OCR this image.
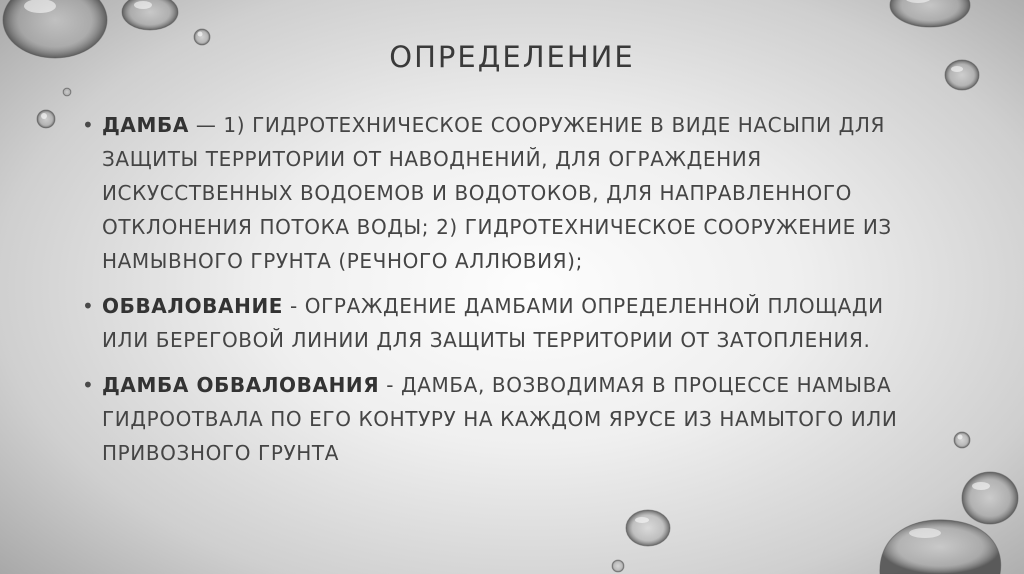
ОПРЕДЕЛЕНИЕ
• ДАМБА — 1) ГИДРОТЕХНИЧЕСКОЕ СООРУЖЕНИЕ В ВИДЕ НАСЫПИ ДЛЯ ЗАЩИТЫ ТЕРРИТОРИИ ОТ НАВОДНЕНИЙ, ДЛЯ ОГРАЖДЕНИЯ ИСКУССТВЕННЫХ ВОДОЕМОВ И ВОДОТОКОВ, ДЛЯ НАПРАВЛЕННОГО ОТКЛОНЕНИЯ ПОТОКА ВОДЫ; 2) ГИДРОТЕХНИЧЕСКОЕ СООРУЖЕНИЕ ИЗ НАМЫВНОГО ГРУНТА (РЕЧНОГО АЛЛЮВИЯ);
• ОБВАЛОВАНИЕ - ОГРАЖДЕНИЕ ДАМБАМИ ОПРЕДЕЛЕННОЙ ПЛОЩАДИ ИЛИ БЕРЕГОВОЙ ЛИНИИ ДЛЯ ЗАЩИТЫ ТЕРРИТОРИИ ОТ ЗАТОПЛЕНИЯ.
• ДАМБА ОБВАЛОВАНИЯ - ДАМБА, ВОЗВОДИМАЯ В ПРОЦЕССЕ НАМЫВА ГИДРООТВАЛА ПО ЕГО КОНТУРУ НА КАЖДОМ ЯРУСЕ ИЗ НАМЫТОГО ИЛИ ПРИВОЗНОГО ГРУНТА
